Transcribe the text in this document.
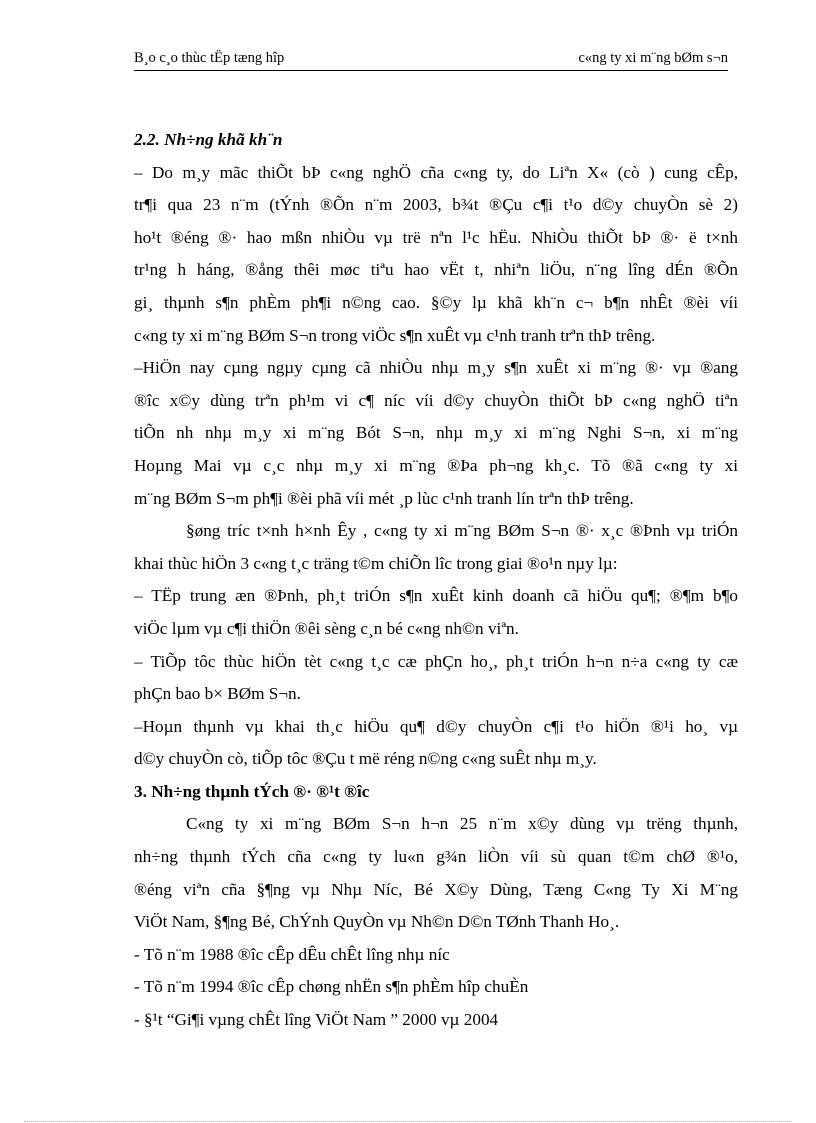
B¸o c¸o thùc tËp tæng hîp	c«ng ty xi m¨ng bØm s¬n

2.2. Nh÷ng khã kh¨n

– Do m¸y mãc thiÕt bÞ c«ng nghÖ cña c«ng ty, do Liªn X« (cò ) cung cÊp,

tr¶i qua 23 n¨m (tÝnh ®Õn n¨m 2003, b¾t ®Çu c¶i t¹o d©y chuyÒn sè 2)

ho¹t ®éng ®· hao mßn nhiÒu vµ trë nªn l¹c hËu. NhiÒu thiÕt bÞ ®· ë t×nh

tr¹ng h háng, ®ång thêi møc tiªu hao vËt t, nhiªn liÖu, n¨ng lîng dÉn ®Õn

gi¸ thµnh s¶n phÈm ph¶i n©ng cao. §©y lµ khã kh¨n c¬ b¶n nhÊt ®èi víi

c«ng ty xi m¨ng BØm S¬n trong viÖc s¶n xuÊt vµ c¹nh tranh trªn thÞ trêng.

–HiÖn nay cµng ngµy cµng cã nhiÒu nhµ m¸y s¶n xuÊt xi m¨ng ®· vµ ®ang

®îc x©y dùng trªn ph¹m vi c¶ níc víi d©y chuyÒn thiÕt bÞ c«ng nghÖ tiªn

tiÕn nh nhµ m¸y xi m¨ng Bót S¬n, nhµ m¸y xi m¨ng Nghi S¬n, xi m¨ng

Hoµng Mai vµ c¸c nhµ m¸y xi m¨ng ®Þa ph¬ng kh¸c. Tõ ®ã c«ng ty xi

m¨ng BØm S¬m ph¶i ®èi phã víi mét ¸p lùc c¹nh tranh lín trªn thÞ trêng.

§øng tríc t×nh h×nh Êy , c«ng ty xi m¨ng BØm S¬n ®· x¸c ®Þnh vµ triÓn

khai thùc hiÖn 3 c«ng t¸c träng t©m chiÕn lîc trong giai ®o¹n nµy lµ:

– TËp trung æn ®Þnh, ph¸t triÓn s¶n xuÊt kinh doanh cã hiÖu qu¶; ®¶m b¶o

viÖc lµm vµ c¶i thiÖn ®êi sèng c¸n bé c«ng nh©n viªn.

– TiÕp tôc thùc hiÖn tèt c«ng t¸c cæ phÇn ho¸, ph¸t triÓn h¬n n÷a c«ng ty cæ

phÇn bao b× BØm S¬n.

–Hoµn thµnh vµ khai th¸c hiÖu qu¶ d©y chuyÒn c¶i t¹o hiÖn ®¹i ho¸ vµ

d©y chuyÒn cò, tiÕp tôc ®Çu t më réng n©ng c«ng suÊt nhµ m¸y.

3. Nh÷ng thµnh tÝch ®· ®¹t ®îc

C«ng ty xi m¨ng BØm S¬n h¬n 25 n¨m x©y dùng vµ trëng thµnh,

nh÷ng thµnh tÝch cña c«ng ty lu«n g¾n liÒn víi sù quan t©m chØ ®¹o,

®éng viªn cña §¶ng vµ Nhµ Níc, Bé X©y Dùng, Tæng C«ng Ty Xi M¨ng

ViÖt Nam, §¶ng Bé, ChÝnh QuyÒn vµ Nh©n D©n TØnh Thanh Ho¸.

- Tõ n¨m 1988 ®îc cÊp dÊu chÊt lîng nhµ níc

- Tõ n¨m 1994 ®îc cÊp chøng nhËn s¶n phÈm hîp chuÈn

- §¹t “Gi¶i vµng chÊt lîng ViÖt Nam ” 2000 vµ 2004
